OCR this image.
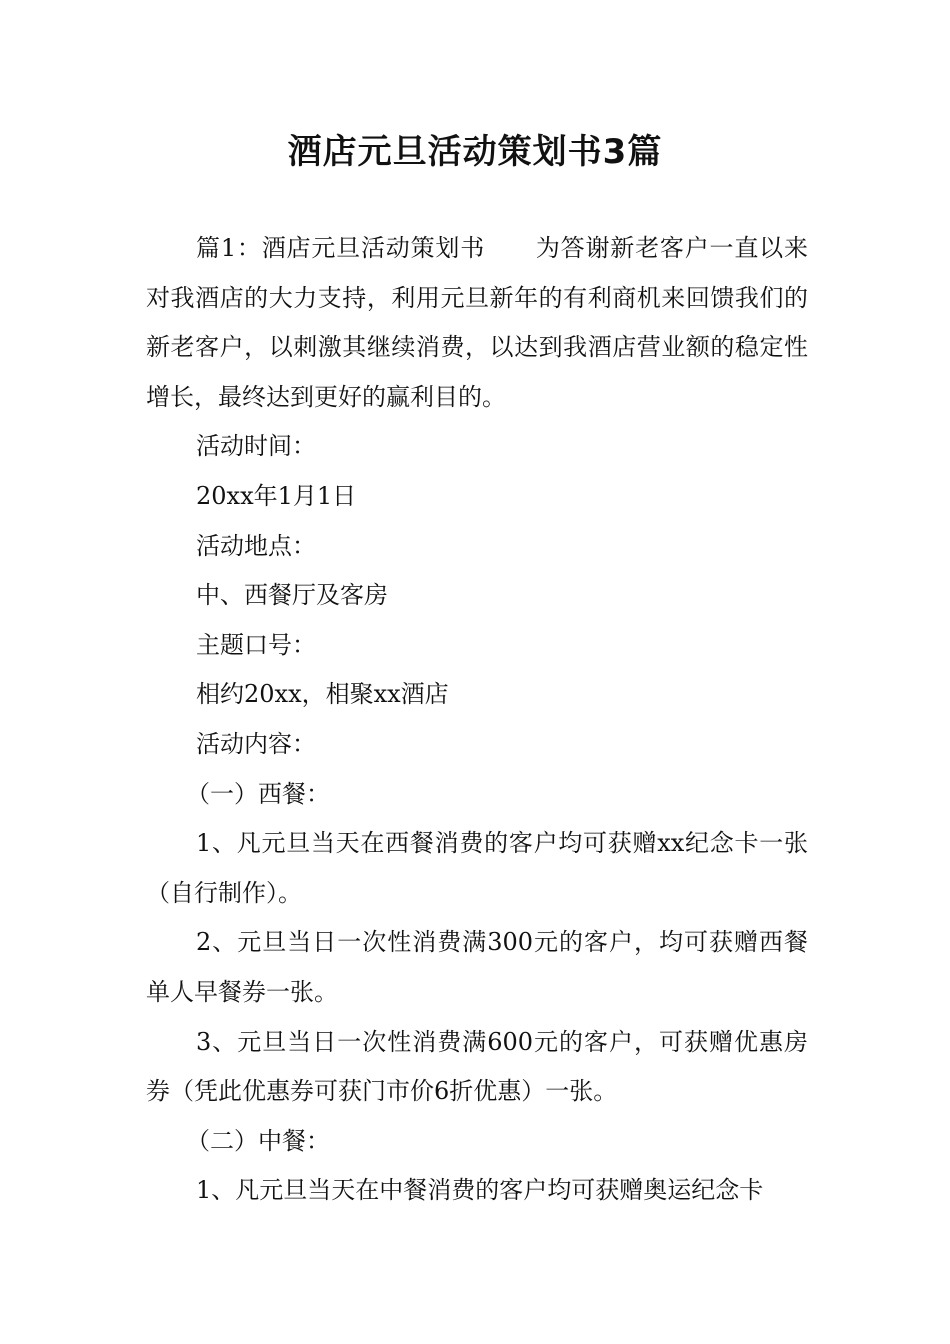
酒店元旦活动策划书3篇

篇1：酒店元旦活动策划书 为答谢新老客户一直以来对我酒店的大力支持，利用元旦新年的有利商机来回馈我们的新老客户，以刺激其继续消费，以达到我酒店营业额的稳定性增长，最终达到更好的赢利目的。

活动时间：

20xx年1月1日

活动地点：

中、西餐厅及客房

主题口号：

相约20xx，相聚xx酒店

活动内容：

（一）西餐：

1、凡元旦当天在西餐消费的客户均可获赠xx纪念卡一张（自行制作）。

2、元旦当日一次性消费满300元的客户，均可获赠西餐单人早餐券一张。

3、元旦当日一次性消费满600元的客户，可获赠优惠房券（凭此优惠券可获门市价6折优惠）一张。

（二）中餐：

1、凡元旦当天在中餐消费的客户均可获赠奥运纪念卡
